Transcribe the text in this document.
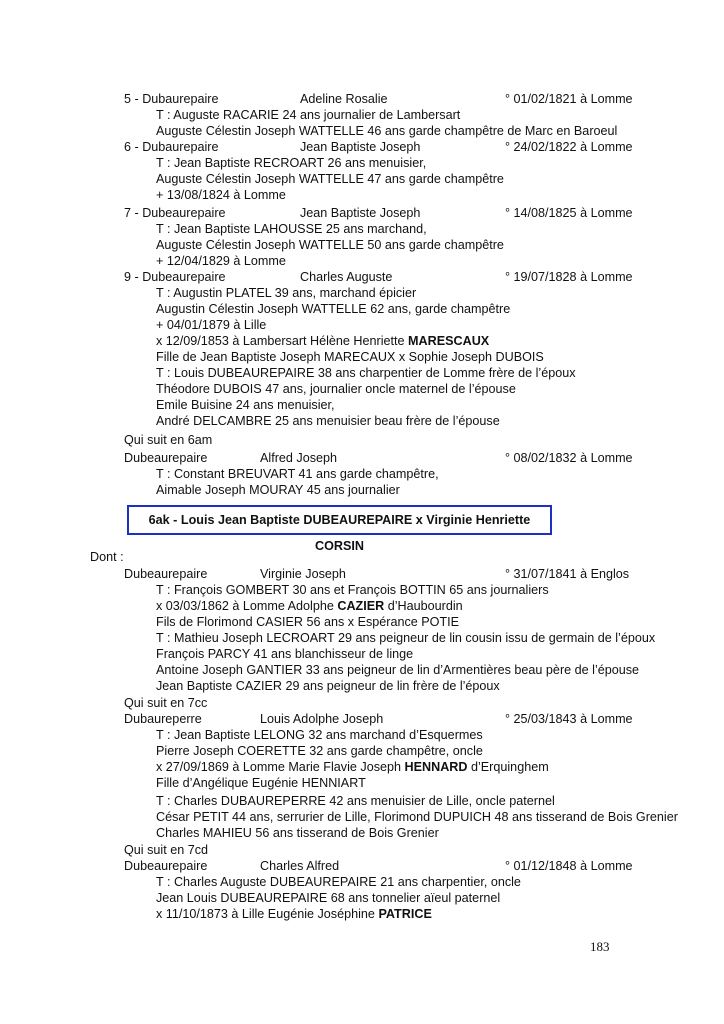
5 - Dubaurepaire	Adeline Rosalie	° 01/02/1821 à Lomme
T : Auguste RACARIE 24 ans journalier de Lambersart
Auguste Célestin Joseph WATTELLE 46 ans garde champêtre de Marc en Baroeul
6 - Dubaurepaire	Jean Baptiste Joseph	° 24/02/1822 à Lomme
T : Jean Baptiste RECROART 26 ans menuisier,
Auguste Célestin Joseph WATTELLE 47 ans garde champêtre
+ 13/08/1824 à Lomme
7 - Dubeaurepaire	Jean Baptiste Joseph	° 14/08/1825 à Lomme
T : Jean Baptiste LAHOUSSE 25 ans marchand,
Auguste Célestin Joseph WATTELLE 50 ans garde champêtre
+ 12/04/1829 à Lomme
9 - Dubeaurepaire	Charles Auguste	° 19/07/1828 à Lomme
T : Augustin PLATEL 39 ans, marchand épicier
Augustin Célestin Joseph WATTELLE 62 ans, garde champêtre
+ 04/01/1879 à Lille
x 12/09/1853 à Lambersart Hélène Henriette MARESCAUX
Fille de Jean Baptiste Joseph MARECAUX x Sophie Joseph DUBOIS
T : Louis DUBEAUREPAIRE 38 ans charpentier de Lomme frère de l’époux
Théodore DUBOIS 47 ans, journalier oncle maternel de l’épouse
Emile Buisine 24 ans menuisier,
André DELCAMBRE 25 ans menuisier beau frère de l’épouse
Qui suit en 6am
Dubeaurepaire	Alfred Joseph	° 08/02/1832 à Lomme
T : Constant BREUVART 41 ans garde champêtre,
Aimable Joseph MOURAY 45 ans journalier
6ak - Louis Jean Baptiste DUBEAUREPAIRE x Virginie Henriette CORSIN
Dont :
Dubeaurepaire	Virginie Joseph	° 31/07/1841 à Englos
T : François GOMBERT 30 ans et François BOTTIN 65 ans journaliers
x 03/03/1862 à Lomme Adolphe CAZIER d’Haubourdin
Fils de Florimond CASIER 56 ans x Espérance POTIE
T : Mathieu Joseph LECROART 29 ans peigneur de lin cousin issu de germain de l’époux
François PARCY 41 ans blanchisseur de linge
Antoine Joseph GANTIER 33 ans peigneur de lin d’Armentières beau père de l’épouse
Jean Baptiste CAZIER 29 ans peigneur de lin frère de l’époux
Qui suit en 7cc
Dubaureperre	Louis Adolphe Joseph	° 25/03/1843 à Lomme
T : Jean Baptiste LELONG 32 ans marchand d’Esquermes
Pierre Joseph COERETTE 32 ans garde champêtre, oncle
x 27/09/1869 à Lomme Marie Flavie Joseph HENNARD d’Erquinghem
Fille d’Angélique Eugénie HENNIART
T : Charles DUBAUREPERRE 42 ans menuisier de Lille, oncle paternel
César PETIT 44 ans, serrurier de Lille, Florimond DUPUICH 48 ans tisserand de Bois Grenier
Charles MAHIEU 56 ans tisserand de Bois Grenier
Qui suit en 7cd
Dubeaurepaire	Charles Alfred	° 01/12/1848 à Lomme
T : Charles Auguste DUBEAUREPAIRE 21 ans charpentier, oncle
Jean Louis DUBEAUREPAIRE 68 ans tonnelier aïeul paternel
x 11/10/1873 à Lille Eugénie Joséphine PATRICE
183
